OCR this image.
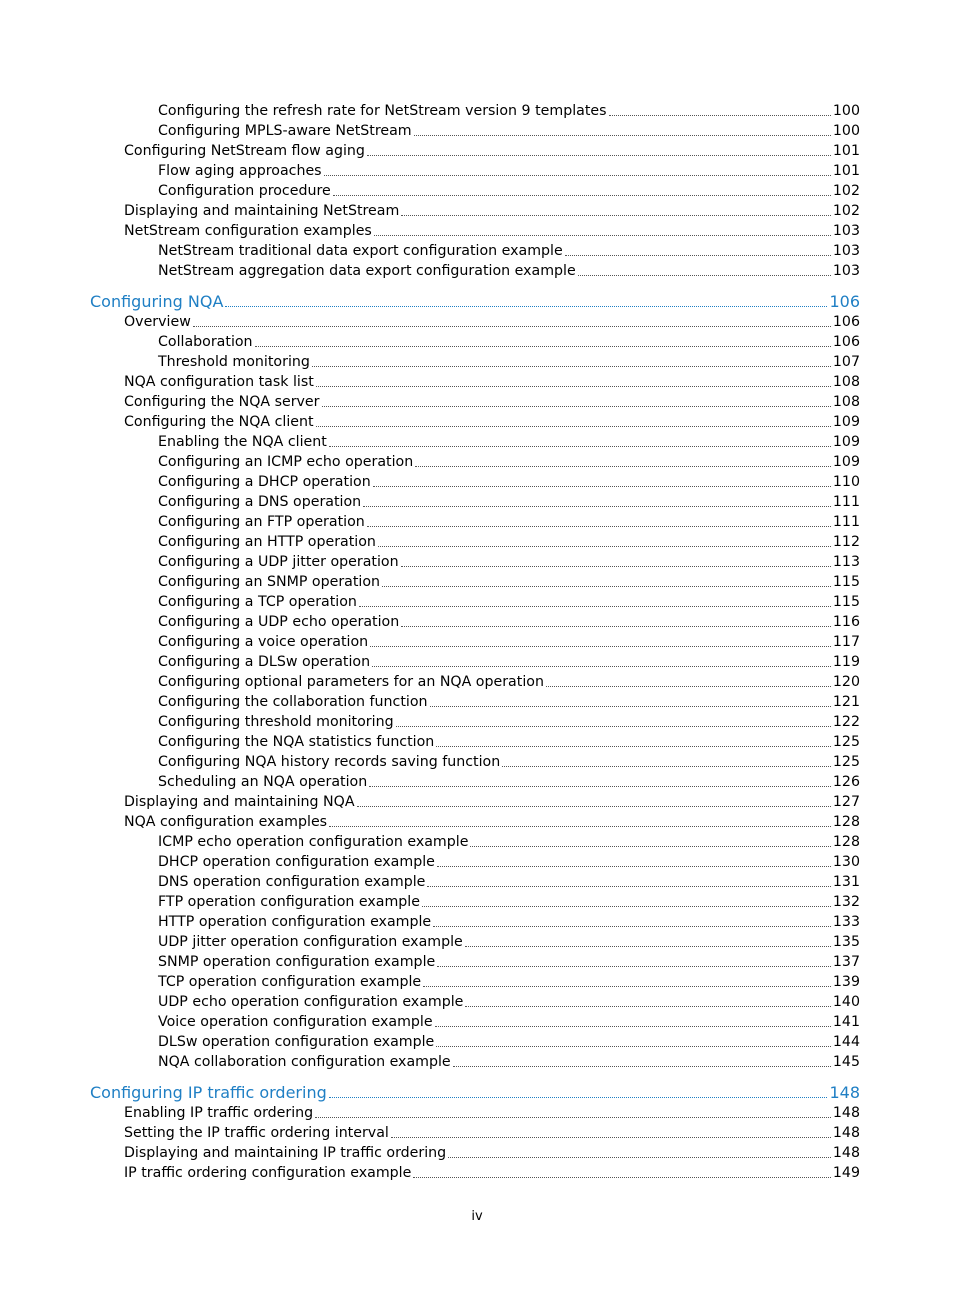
Configuring the refresh rate for NetStream version 9 templates	100
Configuring MPLS-aware NetStream	100
Configuring NetStream flow aging	101
Flow aging approaches	101
Configuration procedure	102
Displaying and maintaining NetStream	102
NetStream configuration examples	103
NetStream traditional data export configuration example	103
NetStream aggregation data export configuration example	103
Configuring NQA	106
Overview	106
Collaboration	106
Threshold monitoring	107
NQA configuration task list	108
Configuring the NQA server	108
Configuring the NQA client	109
Enabling the NQA client	109
Configuring an ICMP echo operation	109
Configuring a DHCP operation	110
Configuring a DNS operation	111
Configuring an FTP operation	111
Configuring an HTTP operation	112
Configuring a UDP jitter operation	113
Configuring an SNMP operation	115
Configuring a TCP operation	115
Configuring a UDP echo operation	116
Configuring a voice operation	117
Configuring a DLSw operation	119
Configuring optional parameters for an NQA operation	120
Configuring the collaboration function	121
Configuring threshold monitoring	122
Configuring the NQA statistics function	125
Configuring NQA history records saving function	125
Scheduling an NQA operation	126
Displaying and maintaining NQA	127
NQA configuration examples	128
ICMP echo operation configuration example	128
DHCP operation configuration example	130
DNS operation configuration example	131
FTP operation configuration example	132
HTTP operation configuration example	133
UDP jitter operation configuration example	135
SNMP operation configuration example	137
TCP operation configuration example	139
UDP echo operation configuration example	140
Voice operation configuration example	141
DLSw operation configuration example	144
NQA collaboration configuration example	145
Configuring IP traffic ordering	148
Enabling IP traffic ordering	148
Setting the IP traffic ordering interval	148
Displaying and maintaining IP traffic ordering	148
IP traffic ordering configuration example	149
iv
